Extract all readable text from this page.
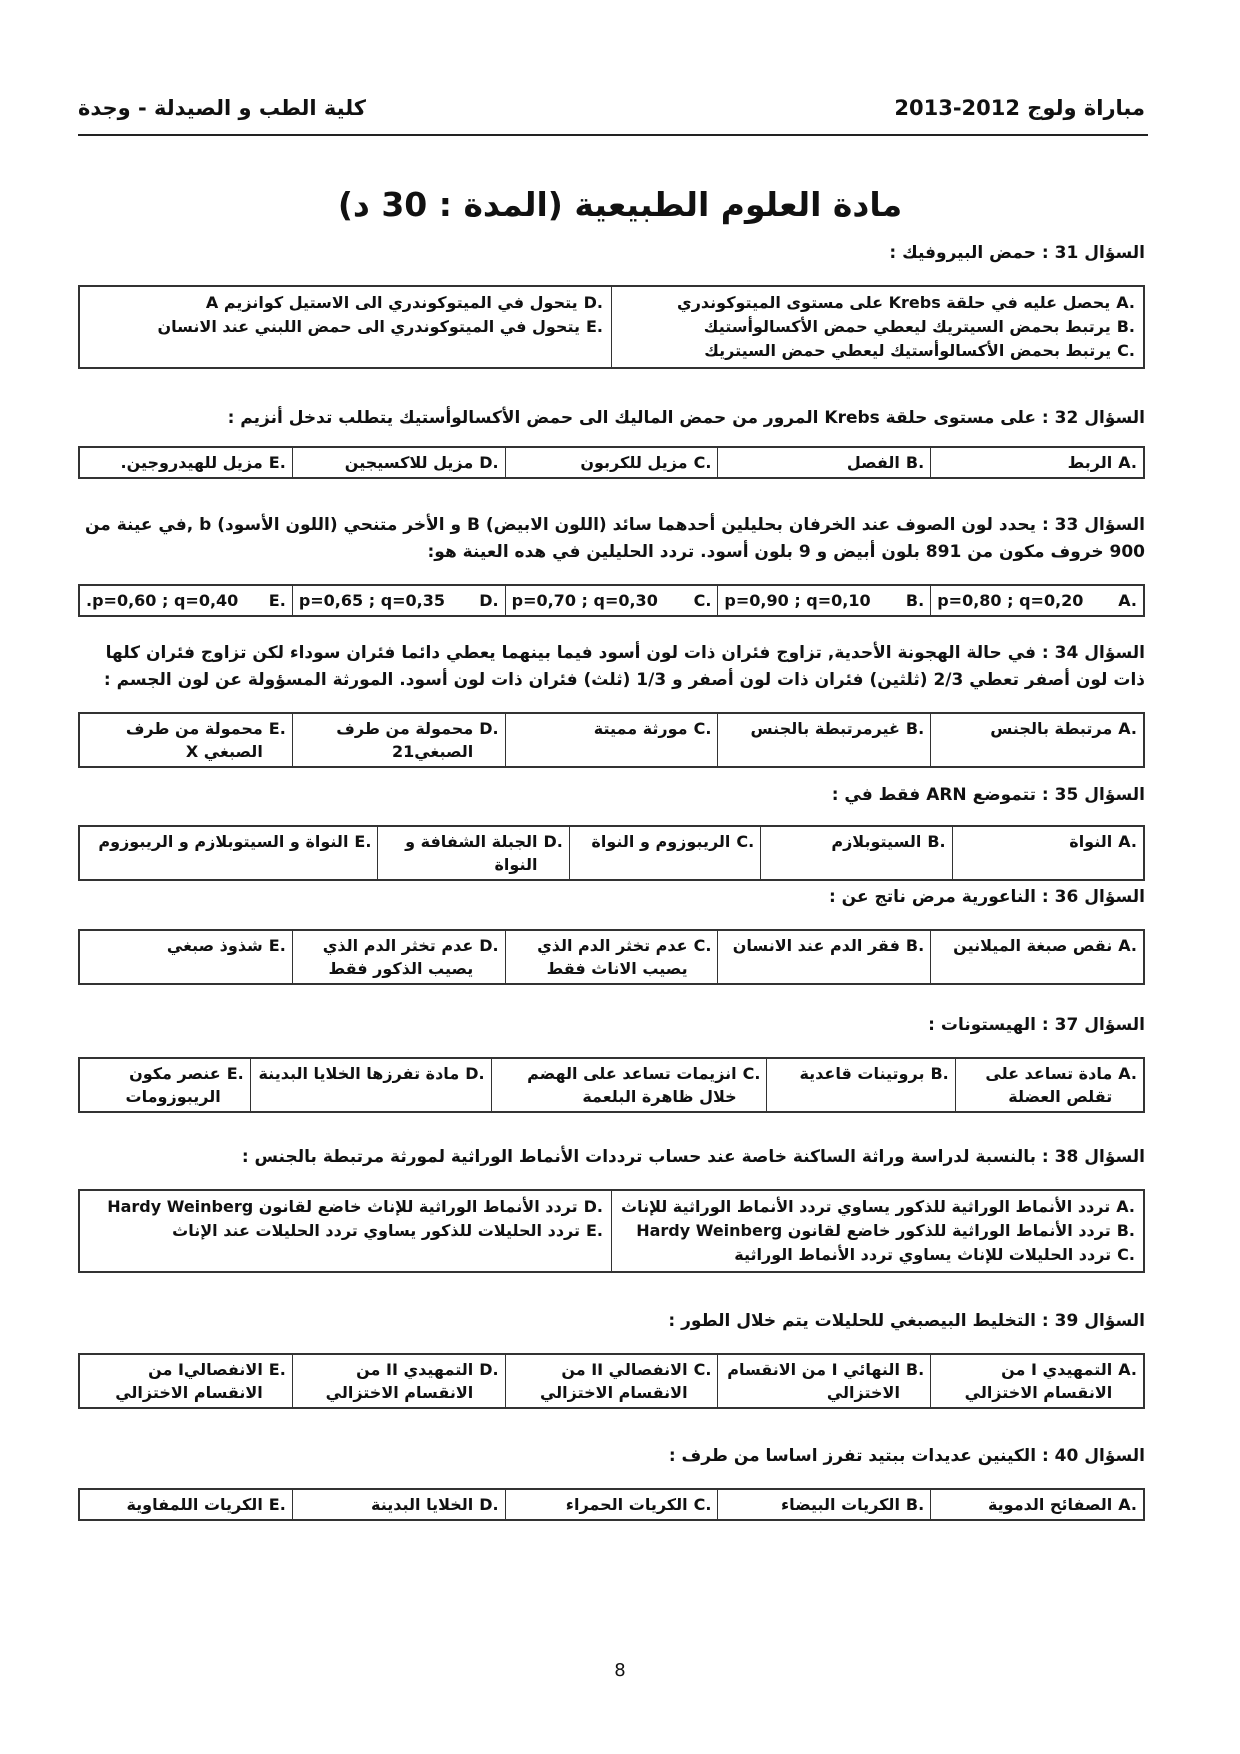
مباراة ولوج 2012-2013
كلية الطب و الصيدلة - وجدة
مادة العلوم الطبيعية (المدة : 30 د)
السؤال 31 : حمض البيروفيك :
A.
يحصل عليه في حلقة Krebs على مستوى الميتوكوندري
B.
يرتبط بحمض السيتريك ليعطي حمض الأكسالوأستيك
C.
يرتبط بحمض الأكسالوأستيك ليعطي حمض السيتريك
D.
يتحول في الميتوكوندري الى الاستيل كوانزيم A
E.
يتحول في الميتوكوندري الى حمض اللبني عند الانسان
السؤال 32 : على مستوى حلقة Krebs المرور من حمض الماليك الى حمض الأكسالوأستيك يتطلب تدخل أنزيم :
A.
الربط
B.
الفصل
C.
مزيل للكربون
D.
مزيل للاكسيجين
E.
مزيل للهيدروجين.
السؤال 33 : يحدد لون الصوف عند الخرفان بحليلين أحدهما سائد (اللون الابيض) B و الأخر متنحي (اللون الأسود) b ,في عينة من 900 خروف مكون من 891 بلون أبيض و 9 بلون أسود. تردد الحليلين في هده العينة هو:
A.
p=0,80 ; q=0,20
B.
p=0,90 ; q=0,10
C.
p=0,70 ; q=0,30
D.
p=0,65 ; q=0,35
E.
.p=0,60 ; q=0,40
السؤال 34 : في حالة الهجونة الأحدية, تزاوج فئران ذات لون أسود فيما بينهما يعطي دائما فئران سوداء لكن تزاوج فئران كلها ذات لون أصفر تعطي 2/3 (ثلثين) فئران ذات لون أصفر و 1/3 (ثلث) فئران ذات لون أسود. المورثة المسؤولة عن لون الجسم :
A.
مرتبطة بالجنس
B.
غيرمرتبطة بالجنس
C.
مورثة مميتة
D.
محمولة من طرف الصبغي21
E.
محمولة من طرف الصبغي X
السؤال 35 : تتموضع ARN فقط في :
A.
النواة
B.
السيتوبلازم
C.
الريبوزوم و النواة
D.
الجبلة الشفافة و النواة
E.
النواة و السيتوبلازم و الريبوزوم
السؤال 36 : الناعورية مرض ناتج عن :
A.
نقص صبغة الميلانين
B.
فقر الدم عند الانسان
C.
عدم تخثر الدم الذي يصيب الاناث فقط
D.
عدم تخثر الدم الذي يصيب الذكور فقط
E.
شذوذ صبغي
السؤال 37 : الهيستونات :
A.
مادة تساعد على تقلص العضلة
B.
بروتينات قاعدية
C.
انزيمات تساعد على الهضم خلال ظاهرة البلعمة
D.
مادة تفرزها الخلايا البدينة
E.
عنصر مكون الريبوزومات
السؤال 38 : بالنسبة لدراسة وراثة الساكنة خاصة عند حساب ترددات الأنماط الوراثية لمورثة مرتبطة بالجنس :
A.
تردد الأنماط الوراثية للذكور يساوي تردد الأنماط الوراثية للإناث
B.
تردد الأنماط الوراثية للذكور خاضع لقانون Hardy Weinberg
C.
تردد الحليلات للإناث يساوي تردد الأنماط الوراثية
D.
تردد الأنماط الوراثية للإناث خاضع لقانون Hardy Weinberg
E.
تردد الحليلات للذكور يساوي تردد الحليلات عند الإناث
السؤال 39 : التخليط البيصبغي للحليلات يتم خلال الطور :
A.
التمهيدي I من الانقسام الاختزالي
B.
النهائي I من الانقسام الاختزالي
C.
الانفصالي II من الانقسام الاختزالي
D.
التمهيدي II من الانقسام الاختزالي
E.
الانفصاليI من الانقسام الاختزالي
السؤال 40 : الكينين عديدات ببتيد تفرز اساسا من طرف :
A.
الصفائح الدموية
B.
الكريات البيضاء
C.
الكريات الحمراء
D.
الخلايا البدينة
E.
الكريات اللمفاوية
8
